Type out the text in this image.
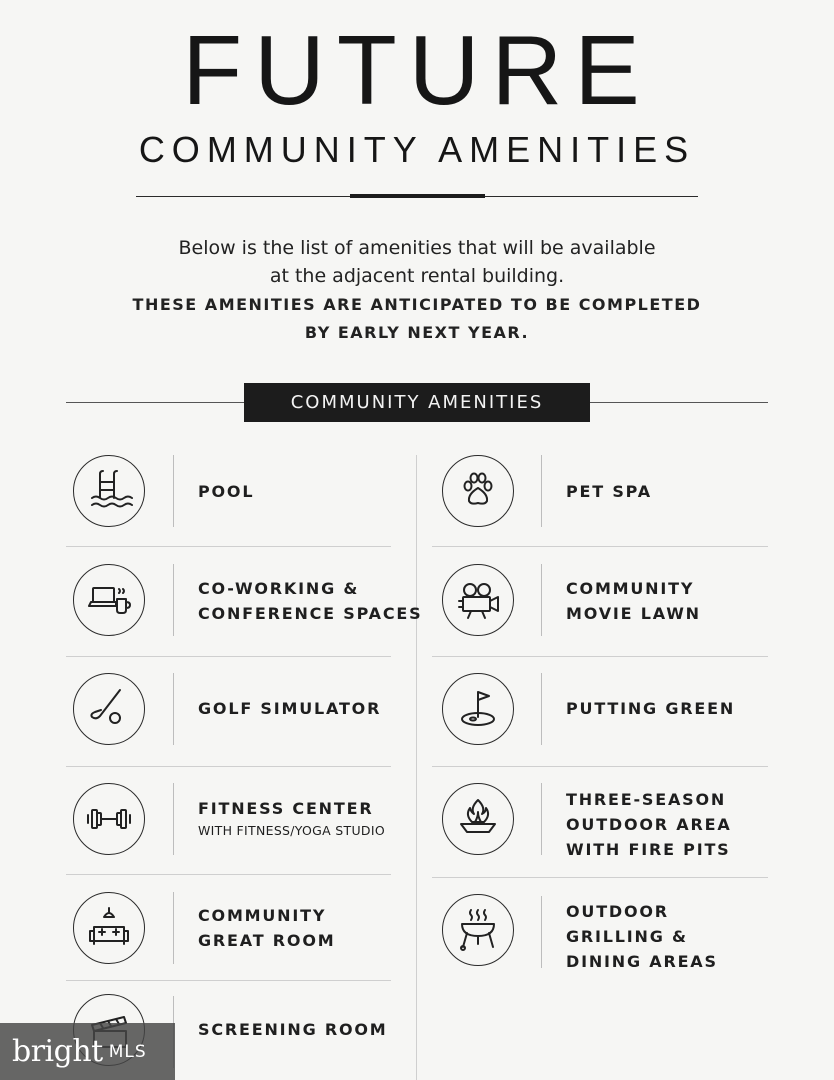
FUTURE
COMMUNITY AMENITIES
Below is the list of amenities that will be available
at the adjacent rental building.
THESE AMENITIES ARE ANTICIPATED TO BE COMPLETED
BY EARLY NEXT YEAR.
COMMUNITY AMENITIES
POOL
CO-WORKING &
CONFERENCE SPACES
GOLF SIMULATOR
FITNESS CENTER
WITH FITNESS/YOGA STUDIO
COMMUNITY
GREAT ROOM
SCREENING ROOM
PET SPA
COMMUNITY
MOVIE LAWN
PUTTING GREEN
THREE-SEASON
OUTDOOR AREA
WITH FIRE PITS
OUTDOOR
GRILLING &
DINING AREAS
bright MLS
